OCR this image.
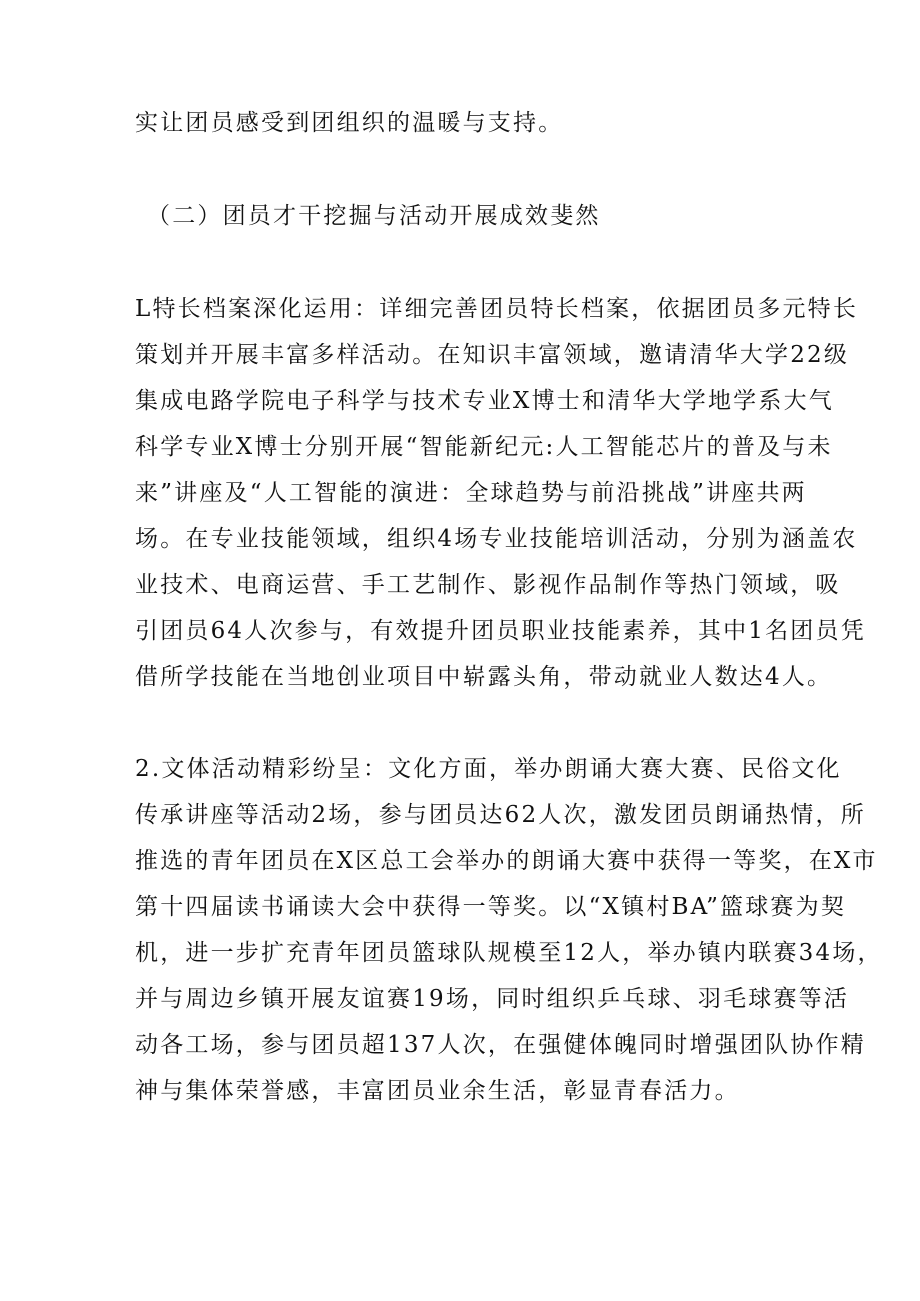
实让团员感受到团组织的温暖与支持。
（二）团员才干挖掘与活动开展成效斐然
L特长档案深化运用：详细完善团员特长档案，依据团员多元特长
策划并开展丰富多样活动。在知识丰富领域，邀请清华大学22级
集成电路学院电子科学与技术专业X博士和清华大学地学系大气
科学专业X博士分别开展“智能新纪元:人工智能芯片的普及与未
来”讲座及“人工智能的演进：全球趋势与前沿挑战”讲座共两
场。在专业技能领域，组织4场专业技能培训活动，分别为涵盖农
业技术、电商运营、手工艺制作、影视作品制作等热门领域，吸
引团员64人次参与，有效提升团员职业技能素养，其中1名团员凭
借所学技能在当地创业项目中崭露头角，带动就业人数达4人。
2.文体活动精彩纷呈：文化方面，举办朗诵大赛大赛、民俗文化
传承讲座等活动2场，参与团员达62人次，激发团员朗诵热情，所
推选的青年团员在X区总工会举办的朗诵大赛中获得一等奖，在X市
第十四届读书诵读大会中获得一等奖。以“X镇村BA”篮球赛为契
机，进一步扩充青年团员篮球队规模至12人，举办镇内联赛34场，
并与周边乡镇开展友谊赛19场，同时组织乒乓球、羽毛球赛等活
动各工场，参与团员超137人次，在强健体魄同时增强团队协作精
神与集体荣誉感，丰富团员业余生活，彰显青春活力。
